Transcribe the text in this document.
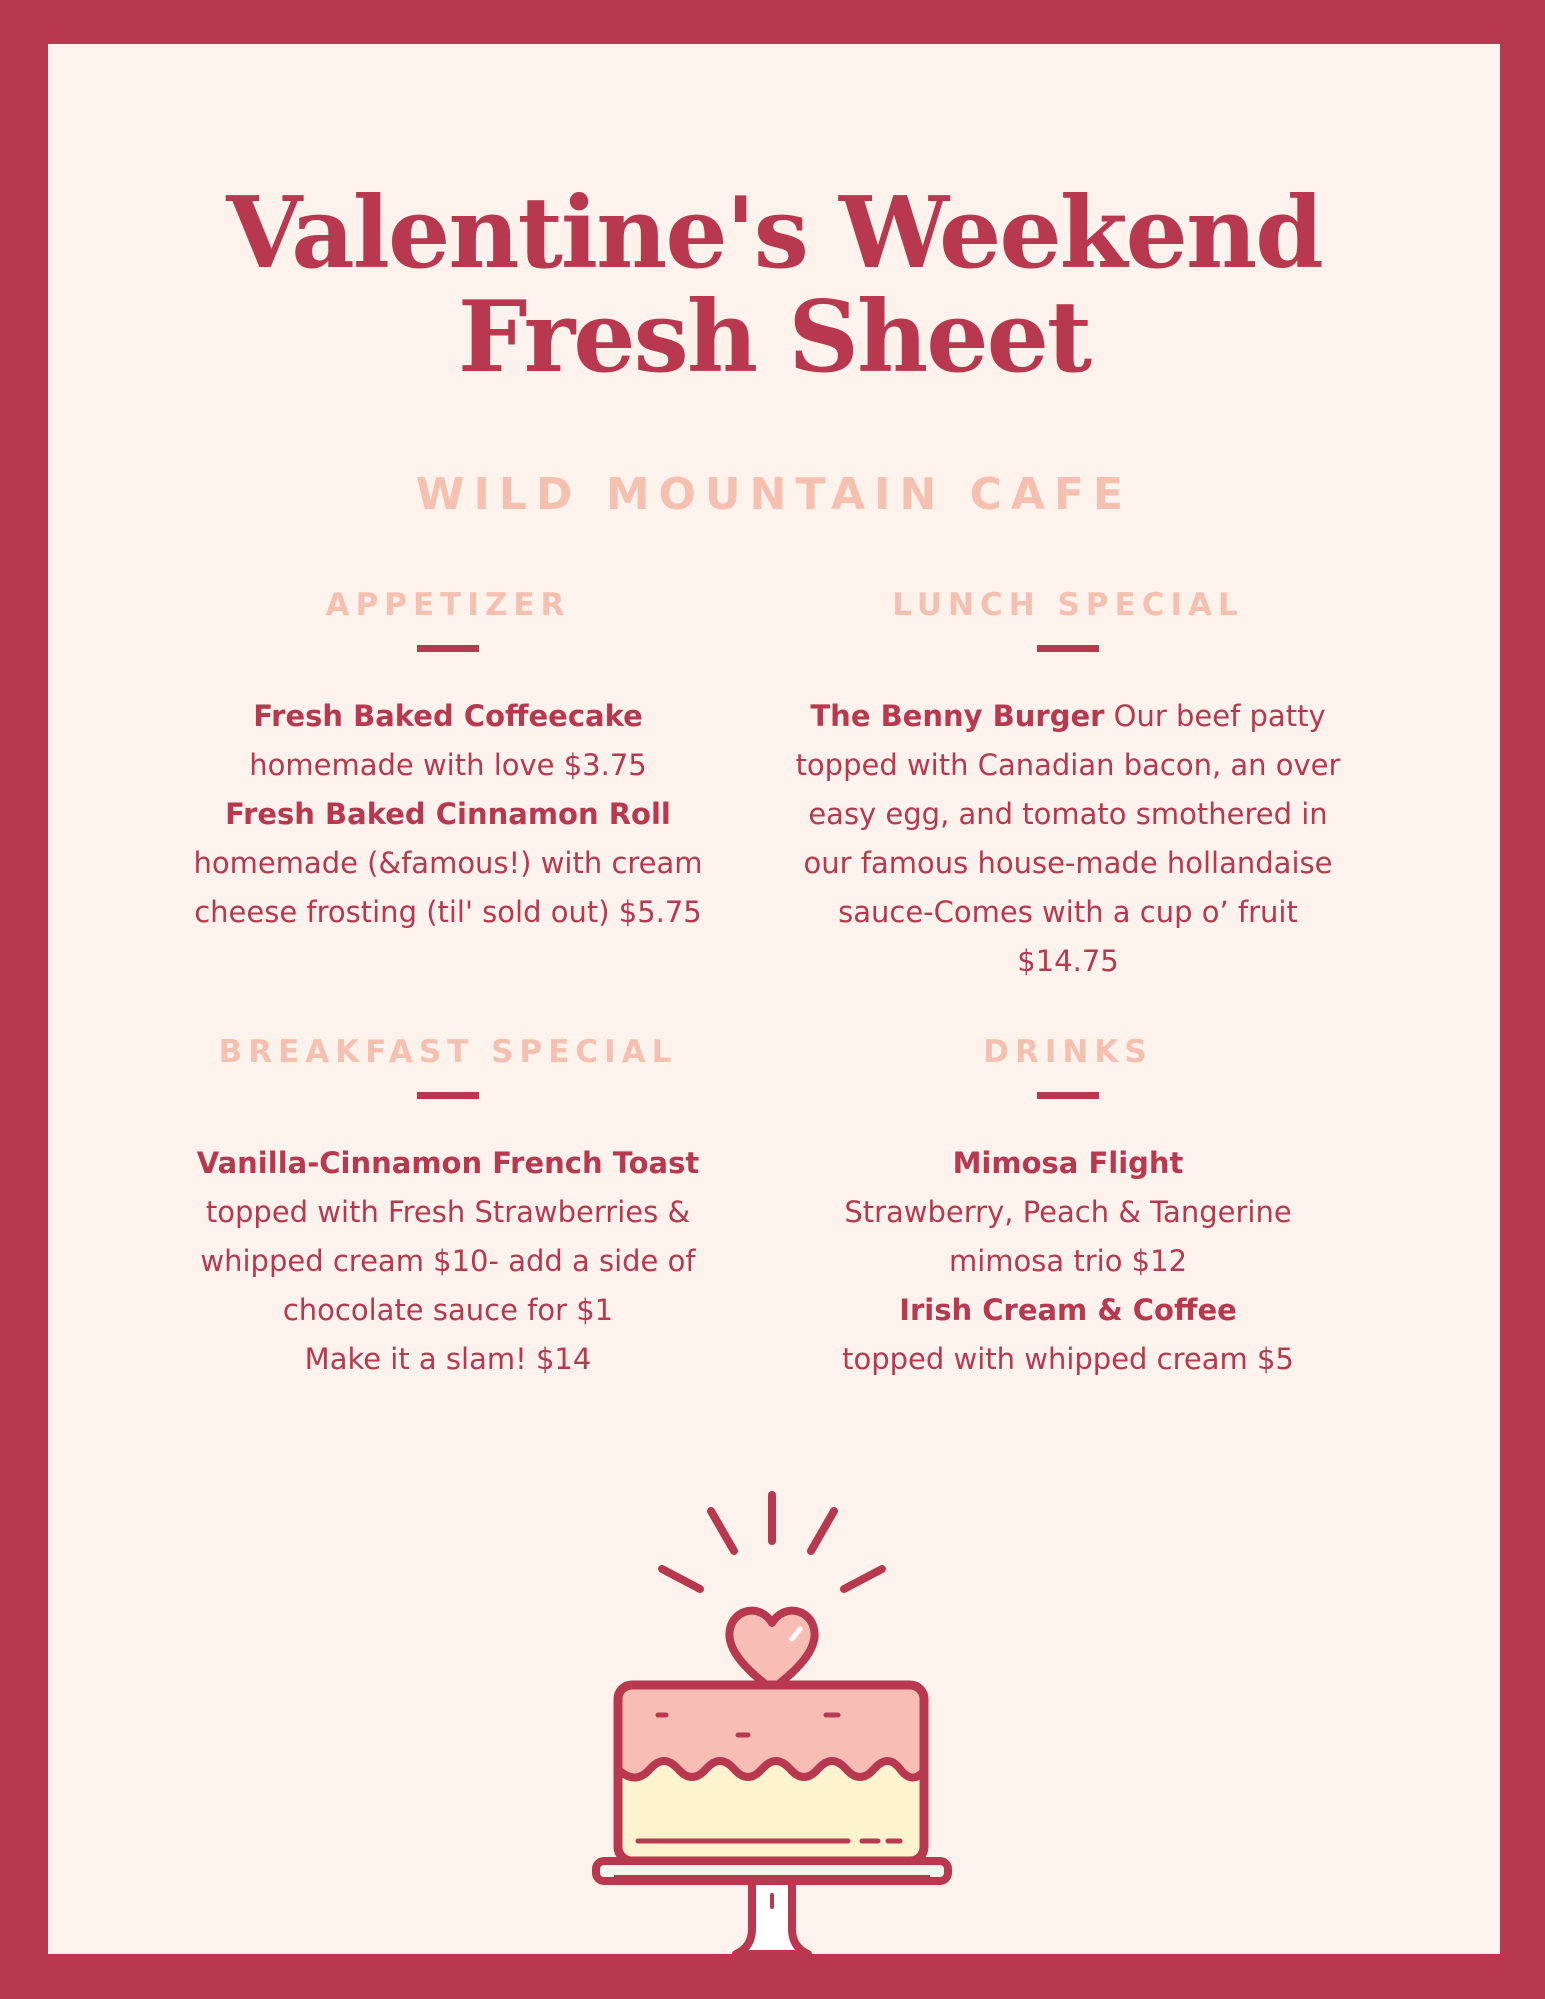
Valentine's Weekend
Fresh Sheet
WILD MOUNTAIN CAFE
APPETIZER
Fresh Baked Coffeecake
homemade with love $3.75
Fresh Baked Cinnamon Roll
homemade (&famous!) with cream cheese frosting (til' sold out) $5.75
LUNCH SPECIAL
The Benny Burger Our beef patty topped with Canadian bacon, an over easy egg, and tomato smothered in our famous house-made hollandaise sauce-Comes with a cup o’ fruit $14.75
BREAKFAST SPECIAL
Vanilla-Cinnamon French Toast
topped with Fresh Strawberries & whipped cream $10- add a side of chocolate sauce for $1
Make it a slam! $14
DRINKS
Mimosa Flight
Strawberry, Peach & Tangerine mimosa trio $12
Irish Cream & Coffee
topped with whipped cream $5
